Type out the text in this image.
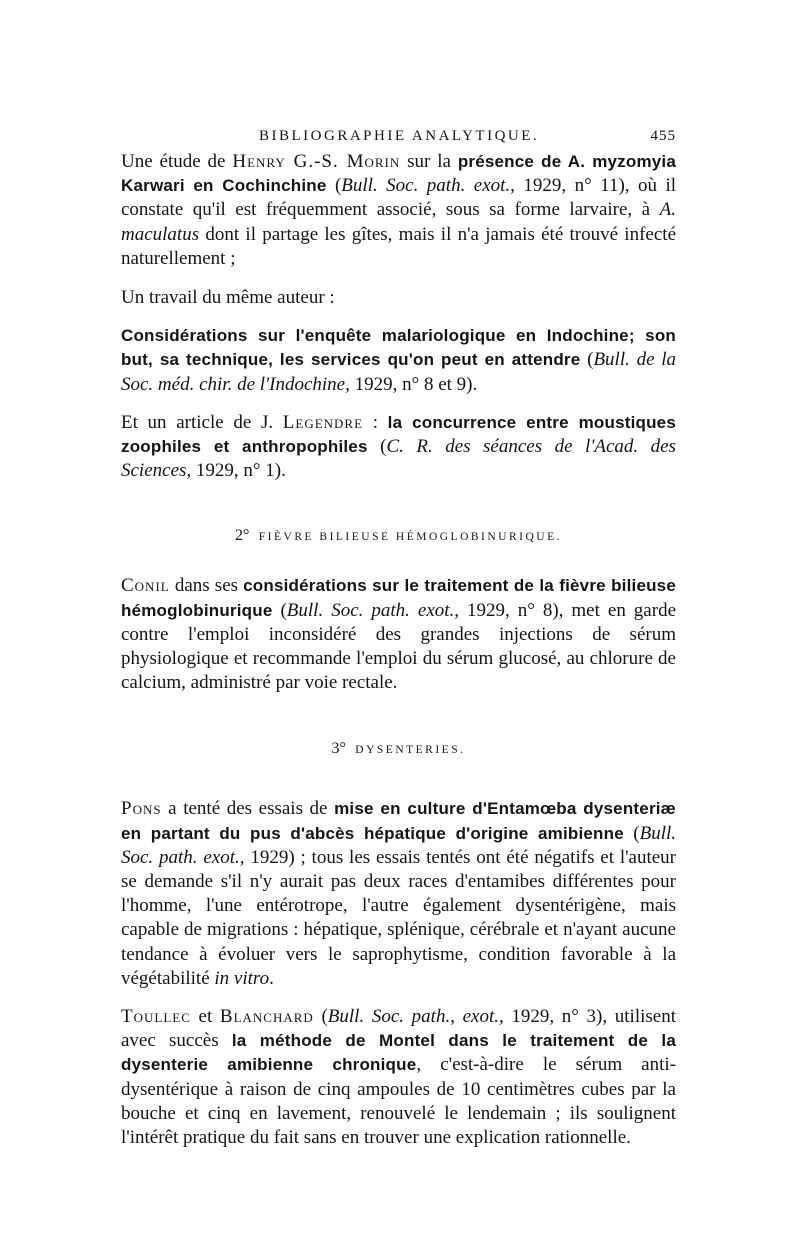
BIBLIOGRAPHIE ANALYTIQUE.	455

Une étude de Henry G.-S. Morin sur la présence de A. myzomyia Karwari en Cochinchine (Bull. Soc. path. exot., 1929, n° 11), où il constate qu'il est fréquemment associé, sous sa forme larvaire, à A. maculatus dont il partage les gîtes, mais il n'a jamais été trouvé infecté naturellement ;

Un travail du même auteur :

Considérations sur l'enquête malariologique en Indochine; son but, sa technique, les services qu'on peut en attendre (Bull. de la Soc. méd. chir. de l'Indochine, 1929, n° 8 et 9).

Et un article de J. Legendre : la concurrence entre moustiques zoophiles et anthropophiles (C. R. des séances de l'Acad. des Sciences, 1929, n° 1).

2° FIÈVRE BILIEUSE HÉMOGLOBINURIQUE.

Conil dans ses considérations sur le traitement de la fièvre bilieuse hémoglobinurique (Bull. Soc. path. exot., 1929, n° 8), met en garde contre l'emploi inconsidéré des grandes injections de sérum physiologique et recommande l'emploi du sérum glucosé, au chlorure de calcium, administré par voie rectale.

3° DYSENTERIES.

Pons a tenté des essais de mise en culture d'Entamœba dysenteriæ en partant du pus d'abcès hépatique d'origine amibienne (Bull. Soc. path. exot., 1929) ; tous les essais tentés ont été négatifs et l'auteur se demande s'il n'y aurait pas deux races d'entamibes différentes pour l'homme, l'une entérotrope, l'autre également dysentérigène, mais capable de migrations : hépatique, splénique, cérébrale et n'ayant aucune tendance à évoluer vers le saprophytisme, condition favorable à la végétabilité in vitro.

Toullec et Blanchard (Bull. Soc. path., exot., 1929, n° 3), utilisent avec succès la méthode de Montel dans le traitement de la dysenterie amibienne chronique, c'est-à-dire le sérum anti-dysentérique à raison de cinq ampoules de 10 centimètres cubes par la bouche et cinq en lavement, renouvelé le lendemain ; ils soulignent l'intérêt pratique du fait sans en trouver une explication rationnelle.
